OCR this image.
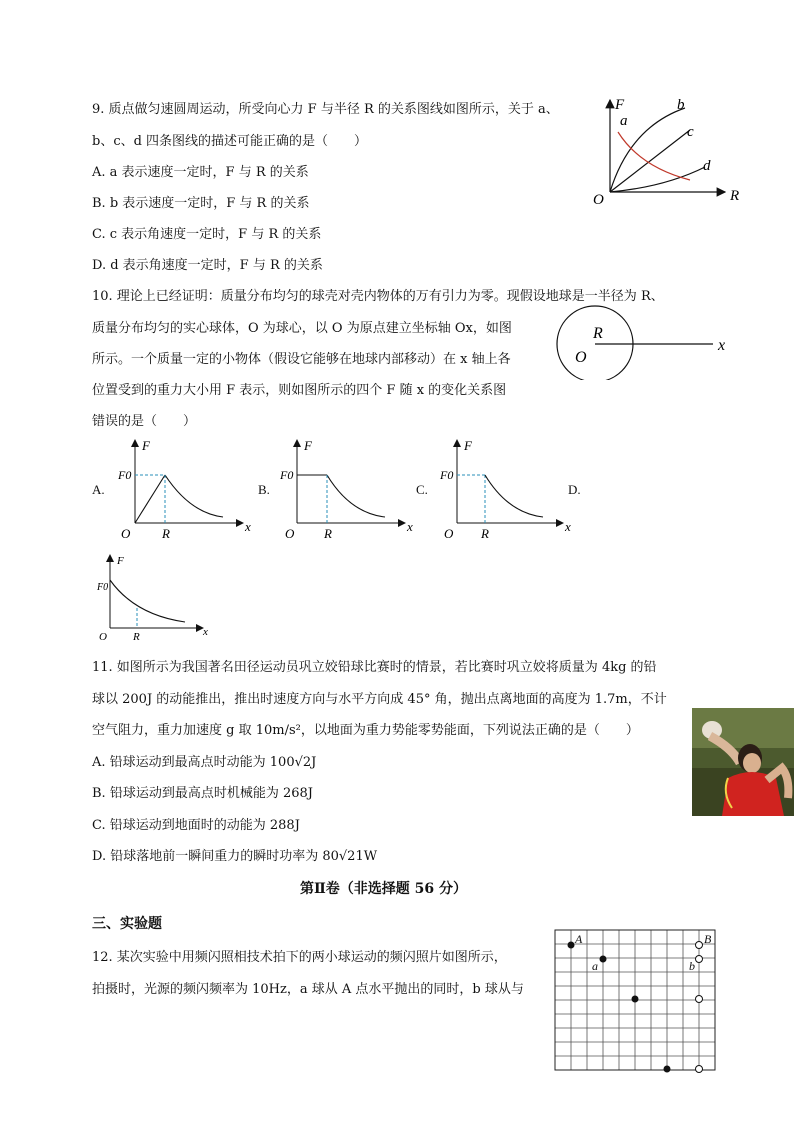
9. 质点做匀速圆周运动，所受向心力 F 与半径 R 的关系图线如图所示，关于 a、
b、c、d 四条图线的描述可能正确的是（　　）
A. a 表示速度一定时，F 与 R 的关系
B. b 表示速度一定时，F 与 R 的关系
C. c 表示角速度一定时，F 与 R 的关系
D. d 表示角速度一定时，F 与 R 的关系
F
a
b
c
d
O	R
10. 理论上已经证明：质量分布均匀的球壳对壳内物体的万有引力为零。现假设地球是一半径为 R、
质量分布均匀的实心球体，O 为球心，以 O 为原点建立坐标轴 Ox，如图
所示。一个质量一定的小物体（假设它能够在地球内部移动）在 x 轴上各
位置受到的重力大小用 F 表示，则如图所示的四个 F 随 x 的变化关系图
错误的是（　　）
R
O
x
A.	B.	C.	D.
F
F0
O R	x
F
F0
O R	x
F
F0
O R	x
F
F0
O R	x
11. 如图所示为我国著名田径运动员巩立姣铅球比赛时的情景，若比赛时巩立姣将质量为 4kg 的铅
球以 200J 的动能推出，推出时速度方向与水平方向成 45° 角，抛出点离地面的高度为 1.7m，不计
空气阻力，重力加速度 g 取 10m/s²，以地面为重力势能零势能面，下列说法正确的是（　　）
A. 铅球运动到最高点时动能为 100√2J
B. 铅球运动到最高点时机械能为 268J
C. 铅球运动到地面时的动能为 288J
D. 铅球落地前一瞬间重力的瞬时功率为 80√21W
第Ⅱ卷（非选择题 56 分）
三、实验题
12. 某次实验中用频闪照相技术拍下的两小球运动的频闪照片如图所示，
拍摄时，光源的频闪频率为 10Hz，a 球从 A 点水平抛出的同时，b 球从与
A
a
B
b
